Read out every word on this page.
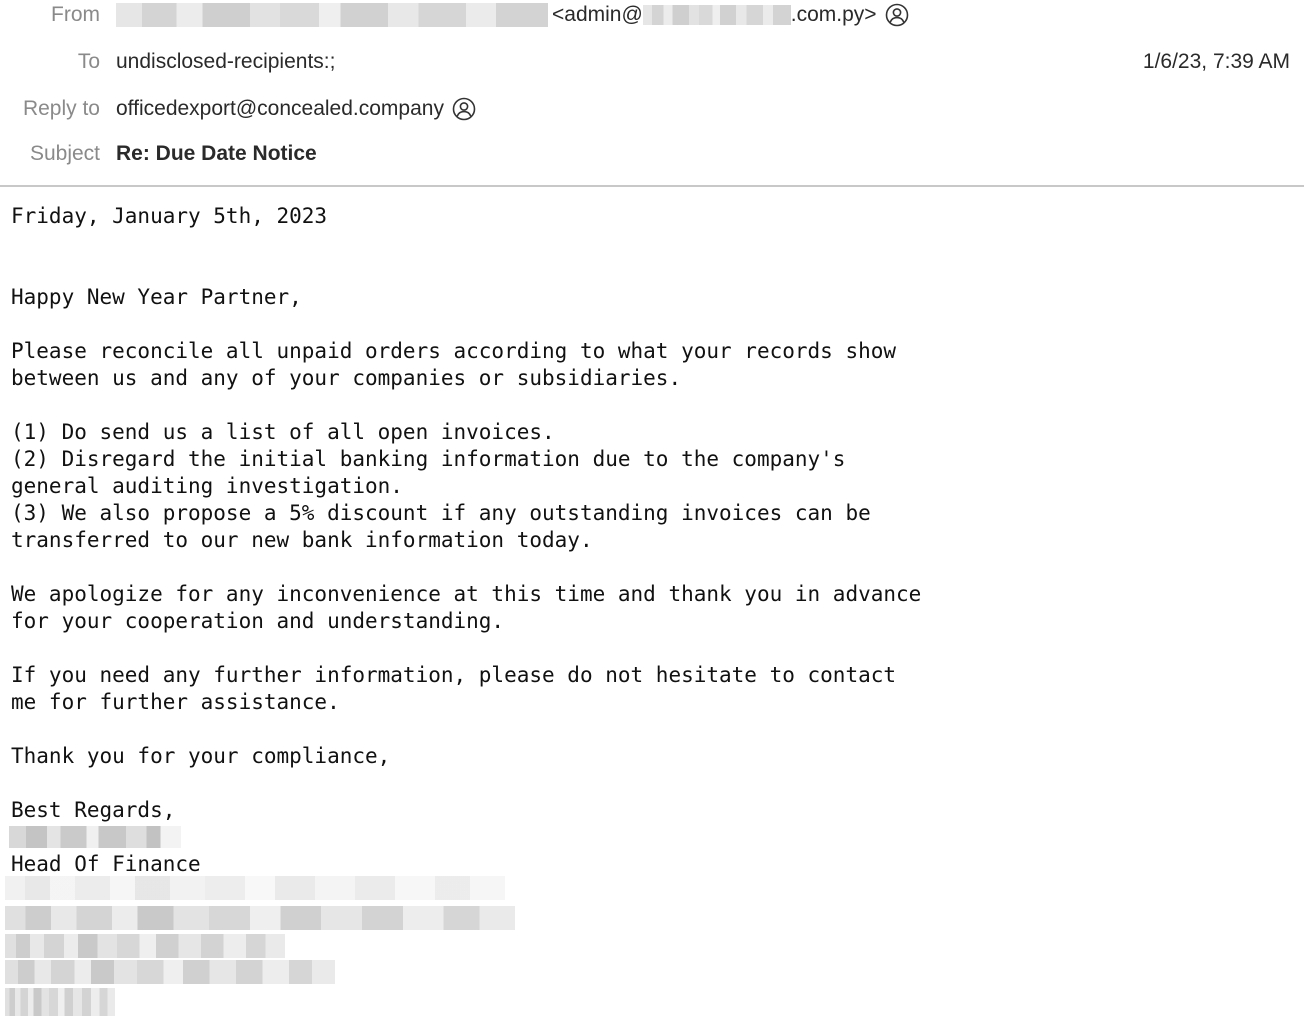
From	<admin@	.com.py>
To undisclosed-recipients:;	1/6/23, 7:39 AM
Reply to officedexport@concealed.company
Subject Re: Due Date Notice

Friday, January 5th, 2023

Happy New Year Partner,

Please reconcile all unpaid orders according to what your records show
between us and any of your companies or subsidiaries.

(1) Do send us a list of all open invoices.

(2) Disregard the initial banking information due to the company's
general auditing investigation.

(3) We also propose a 5% discount if any outstanding invoices can be
transferred to our new bank information today.

We apologize for any inconvenience at this time and thank you in advance
for your cooperation and understanding.

If you need any further information, please do not hesitate to contact
me for further assistance.

Thank you for your compliance,

Best Regards,

Head Of Finance
